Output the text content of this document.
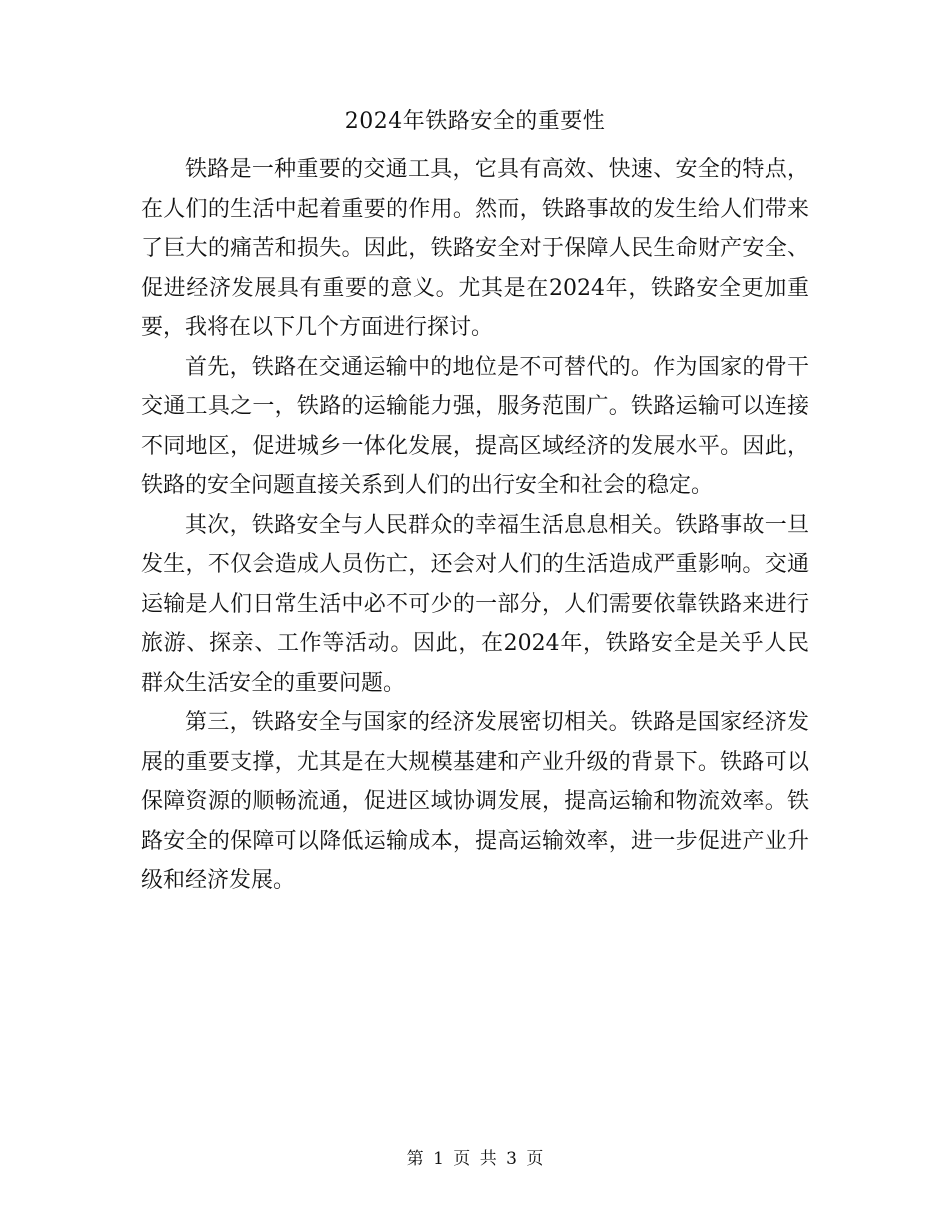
2024年铁路安全的重要性

铁路是一种重要的交通工具，它具有高效、快速、安全的特点，在人们的生活中起着重要的作用。然而，铁路事故的发生给人们带来了巨大的痛苦和损失。因此，铁路安全对于保障人民生命财产安全、促进经济发展具有重要的意义。尤其是在2024年，铁路安全更加重要，我将在以下几个方面进行探讨。

首先，铁路在交通运输中的地位是不可替代的。作为国家的骨干交通工具之一，铁路的运输能力强，服务范围广。铁路运输可以连接不同地区，促进城乡一体化发展，提高区域经济的发展水平。因此，铁路的安全问题直接关系到人们的出行安全和社会的稳定。

其次，铁路安全与人民群众的幸福生活息息相关。铁路事故一旦发生，不仅会造成人员伤亡，还会对人们的生活造成严重影响。交通运输是人们日常生活中必不可少的一部分，人们需要依靠铁路来进行旅游、探亲、工作等活动。因此，在2024年，铁路安全是关乎人民群众生活安全的重要问题。

第三，铁路安全与国家的经济发展密切相关。铁路是国家经济发展的重要支撑，尤其是在大规模基建和产业升级的背景下。铁路可以保障资源的顺畅流通，促进区域协调发展，提高运输和物流效率。铁路安全的保障可以降低运输成本，提高运输效率，进一步促进产业升级和经济发展。

第 1 页 共 3 页
